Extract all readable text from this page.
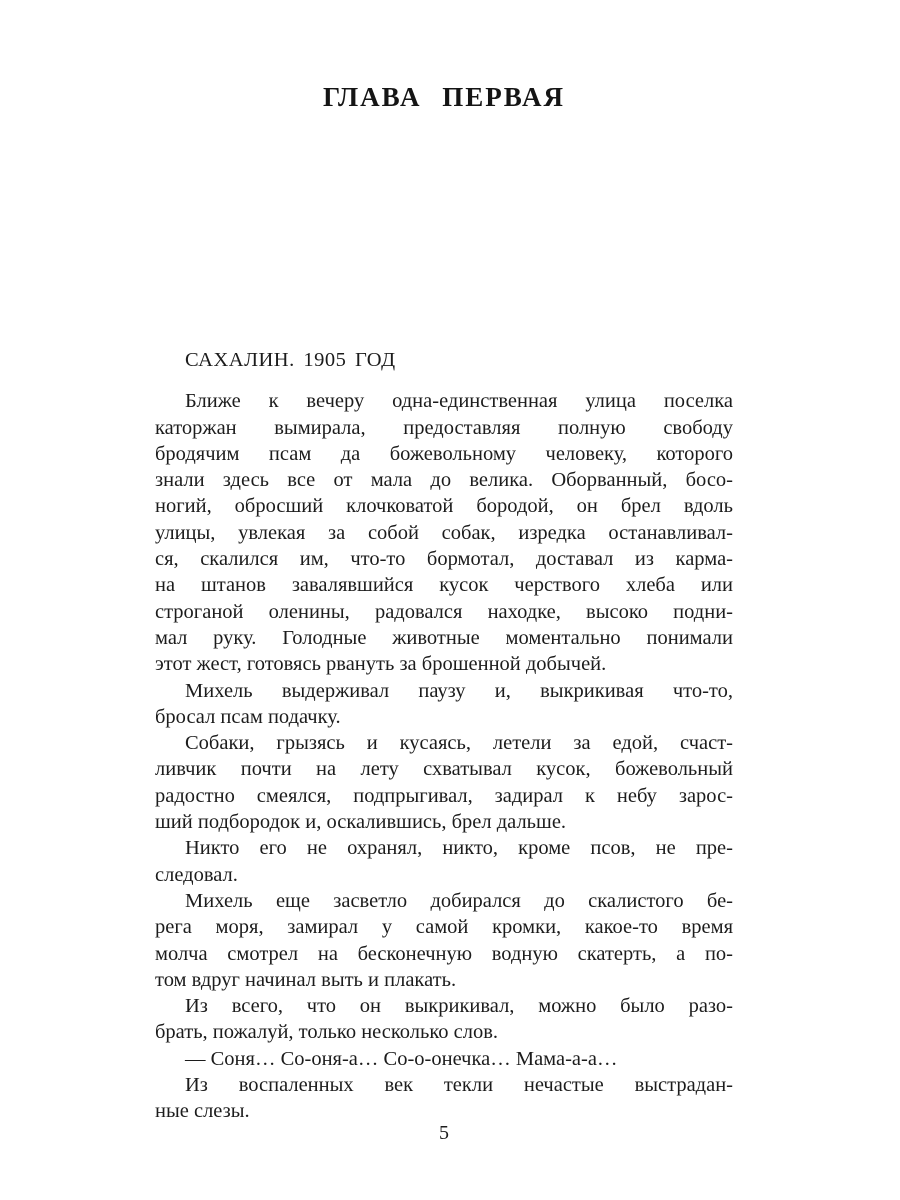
ГЛАВА ПЕРВАЯ
САХАЛИН. 1905 ГОД

Ближе к вечеру одна-единственная улица поселка
каторжан вымирала, предоставляя полную свободу
бродячим псам да божевольному человеку, которого
знали здесь все от мала до велика. Оборванный, босо-
ногий, обросший клочковатой бородой, он брел вдоль
улицы, увлекая за собой собак, изредка останавливал-
ся, скалился им, что-то бормотал, доставал из карма-
на штанов завалявшийся кусок черствого хлеба или
строганой оленины, радовался находке, высоко подни-
мал руку. Голодные животные моментально понимали
этот жест, готовясь рвануть за брошенной добычей.

Михель выдерживал паузу и, выкрикивая что-то,
бросал псам подачку.

Собаки, грызясь и кусаясь, летели за едой, счаст-
ливчик почти на лету схватывал кусок, божевольный
радостно смеялся, подпрыгивал, задирал к небу зарос-
ший подбородок и, оскалившись, брел дальше.

Никто его не охранял, никто, кроме псов, не пре-
следовал.

Михель еще засветло добирался до скалистого бе-
рега моря, замирал у самой кромки, какое-то время
молча смотрел на бесконечную водную скатерть, а по-
том вдруг начинал выть и плакать.

Из всего, что он выкрикивал, можно было разо-
брать, пожалуй, только несколько слов.

— Соня… Со-оня-а… Со-о-онечка… Мама-а-а…

Из воспаленных век текли нечастые выстрадан-
ные слезы.

5
